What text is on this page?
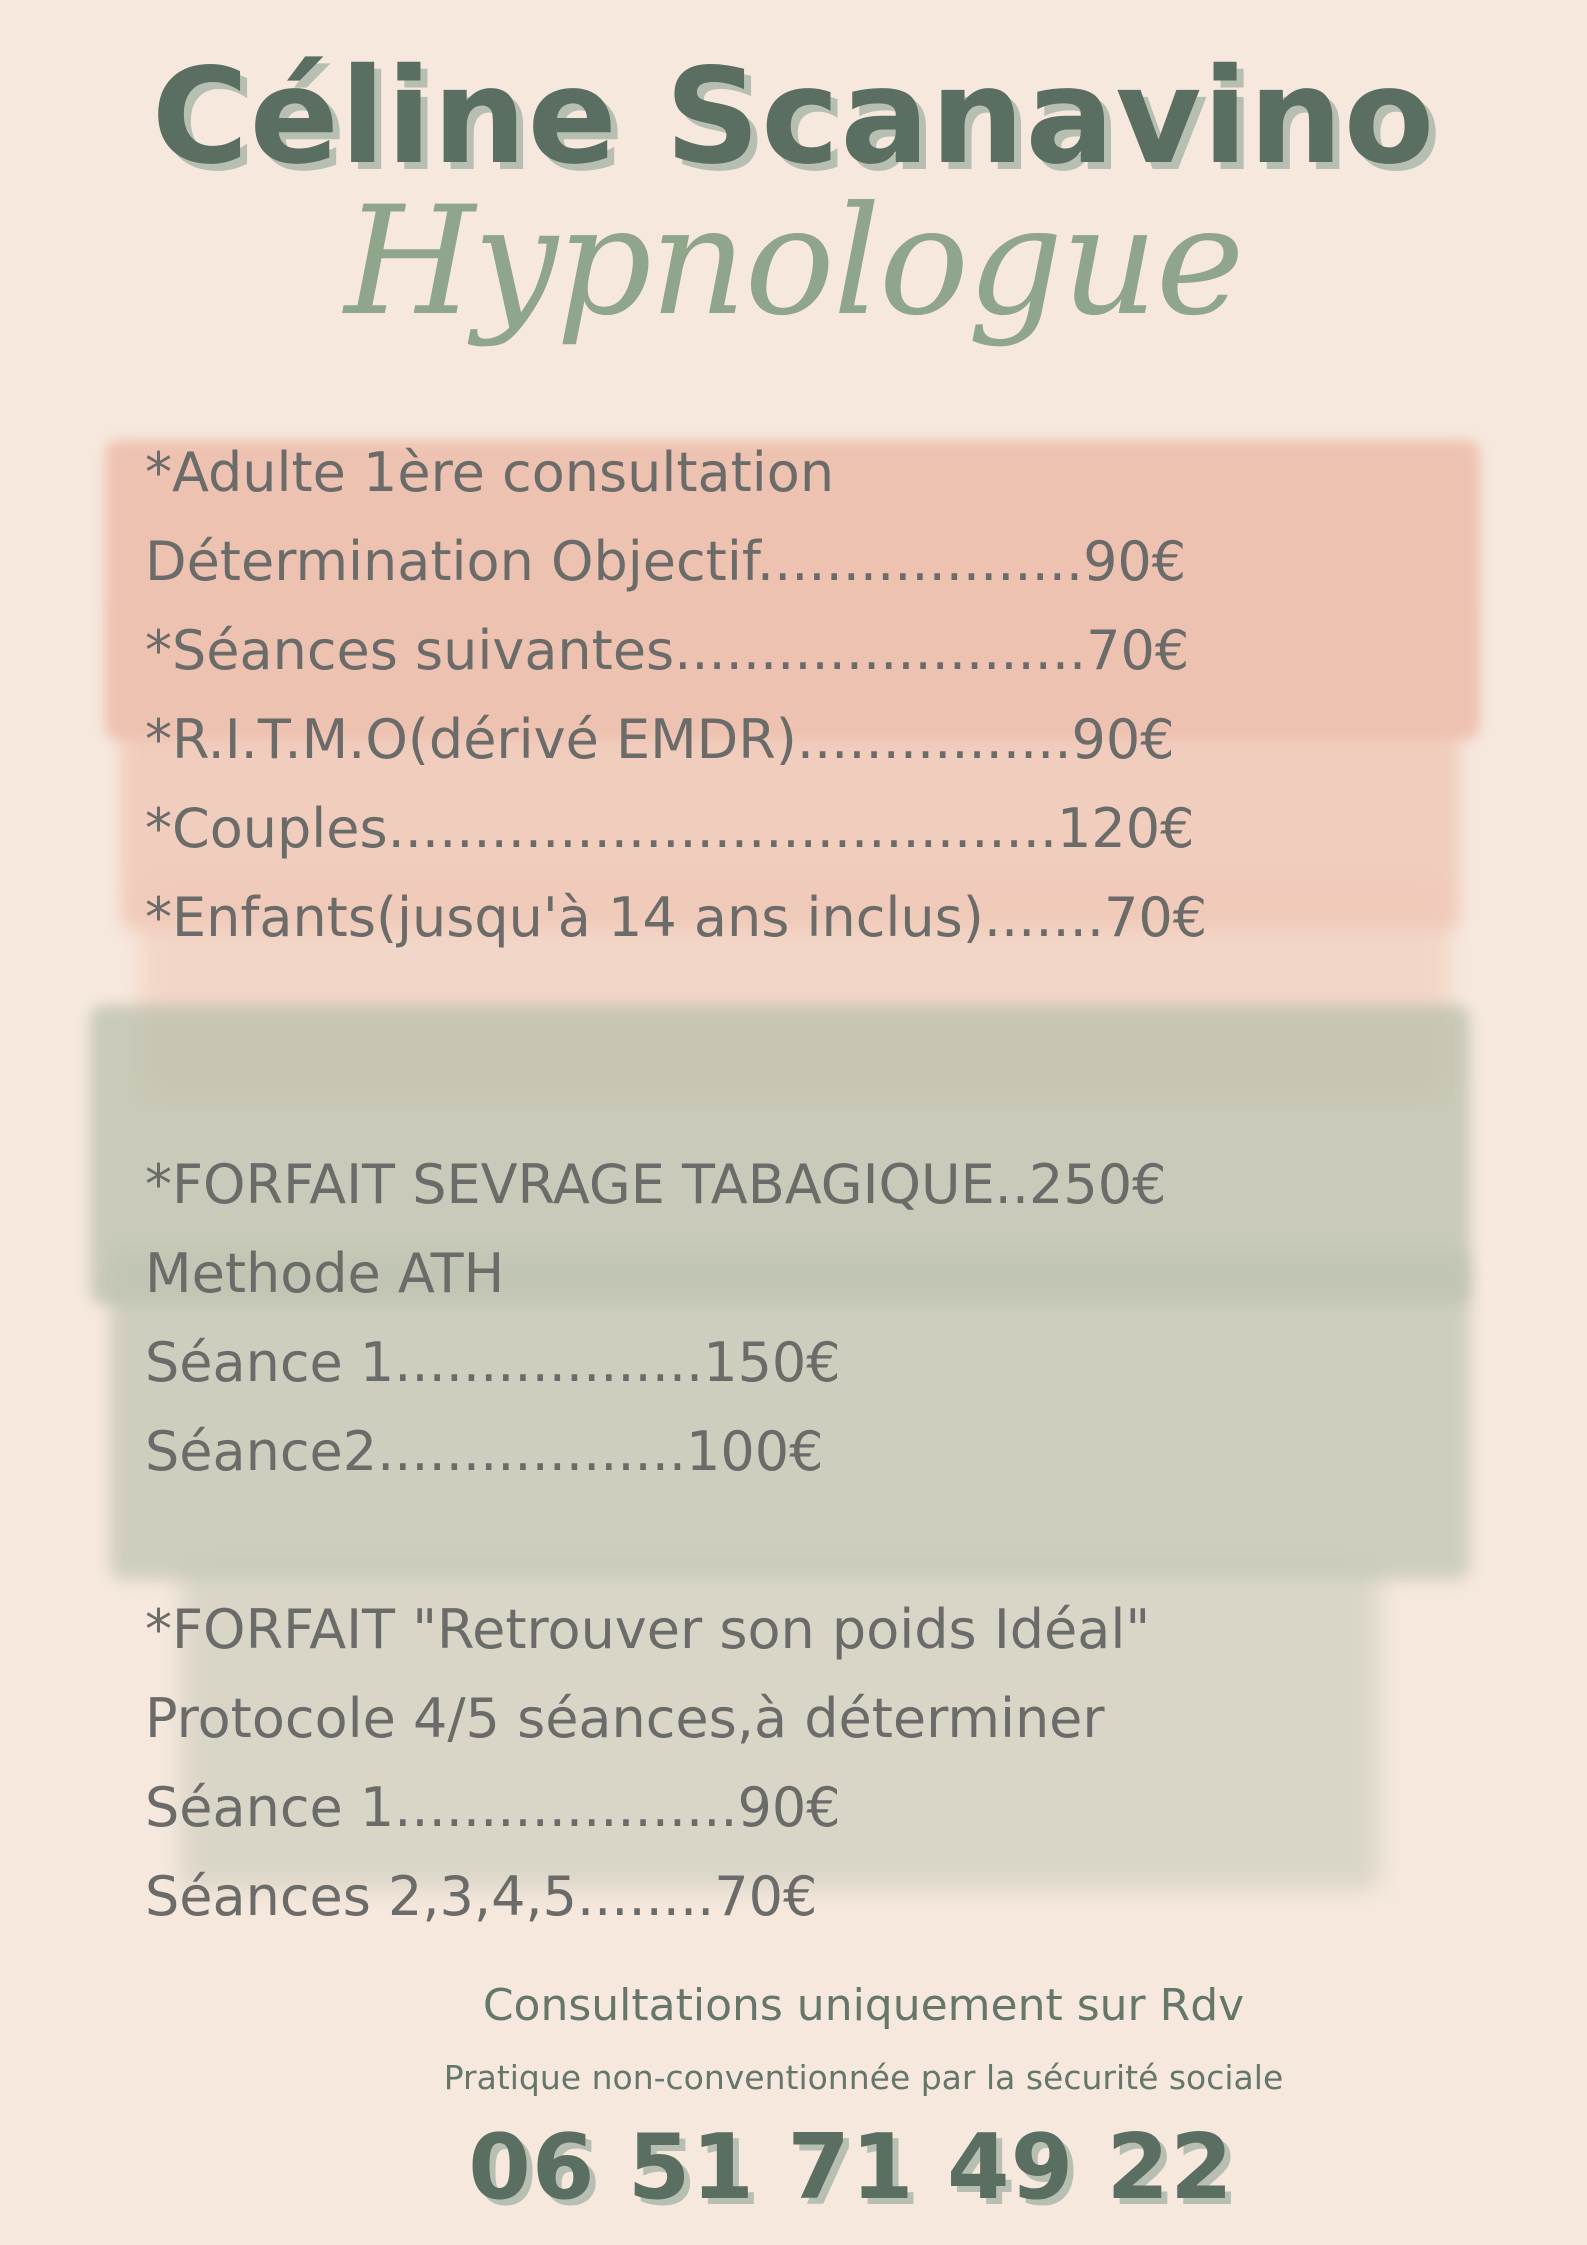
Céline Scanavino
Hypnologue
*Adulte 1ère consultation
Détermination Objectif...................90€
*Séances suivantes........................70€
*R.I.T.M.O(dérivé EMDR)................90€
*Couples.......................................120€
*Enfants(jusqu'à 14 ans inclus).......70€
*FORFAIT SEVRAGE TABAGIQUE..250€
Methode ATH
Séance 1..................150€
Séance2..................100€
*FORFAIT "Retrouver son poids Idéal"
Protocole 4/5 séances,à déterminer
Séance 1....................90€
Séances 2,3,4,5........70€
Consultations uniquement sur Rdv
Pratique non-conventionnée par la sécurité sociale
06 51 71 49 22
